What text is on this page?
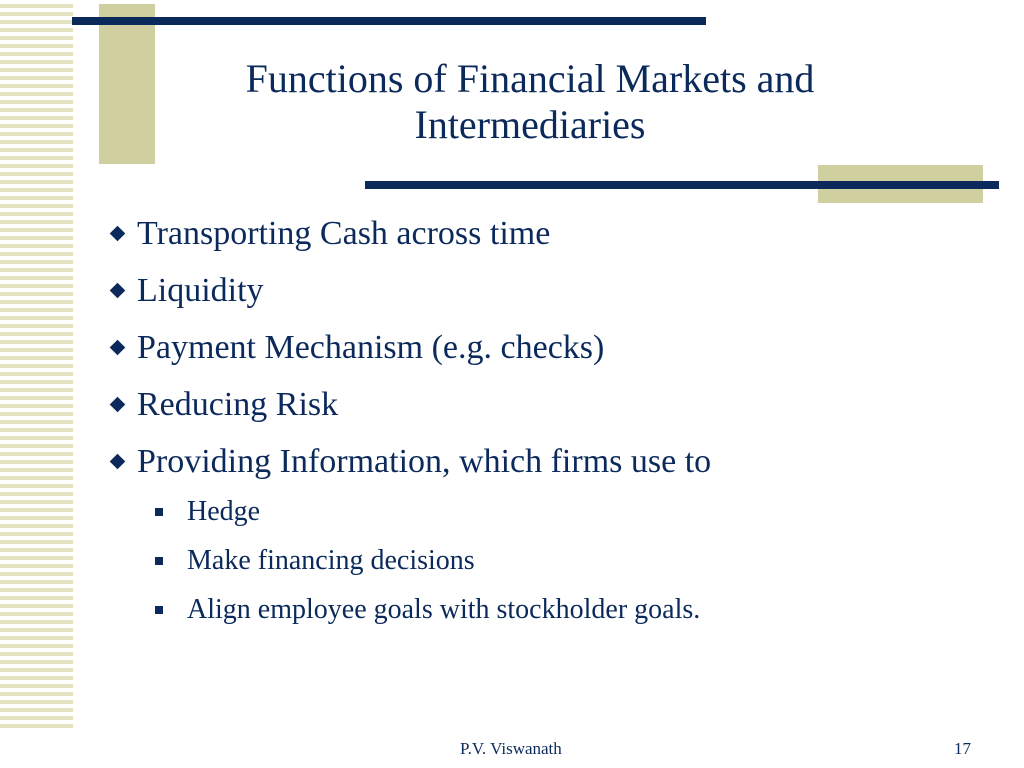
Functions of Financial Markets and Intermediaries
Transporting Cash across time
Liquidity
Payment Mechanism (e.g. checks)
Reducing Risk
Providing Information, which firms use to
Hedge
Make financing decisions
Align employee goals with stockholder goals.
P.V. Viswanath	17
